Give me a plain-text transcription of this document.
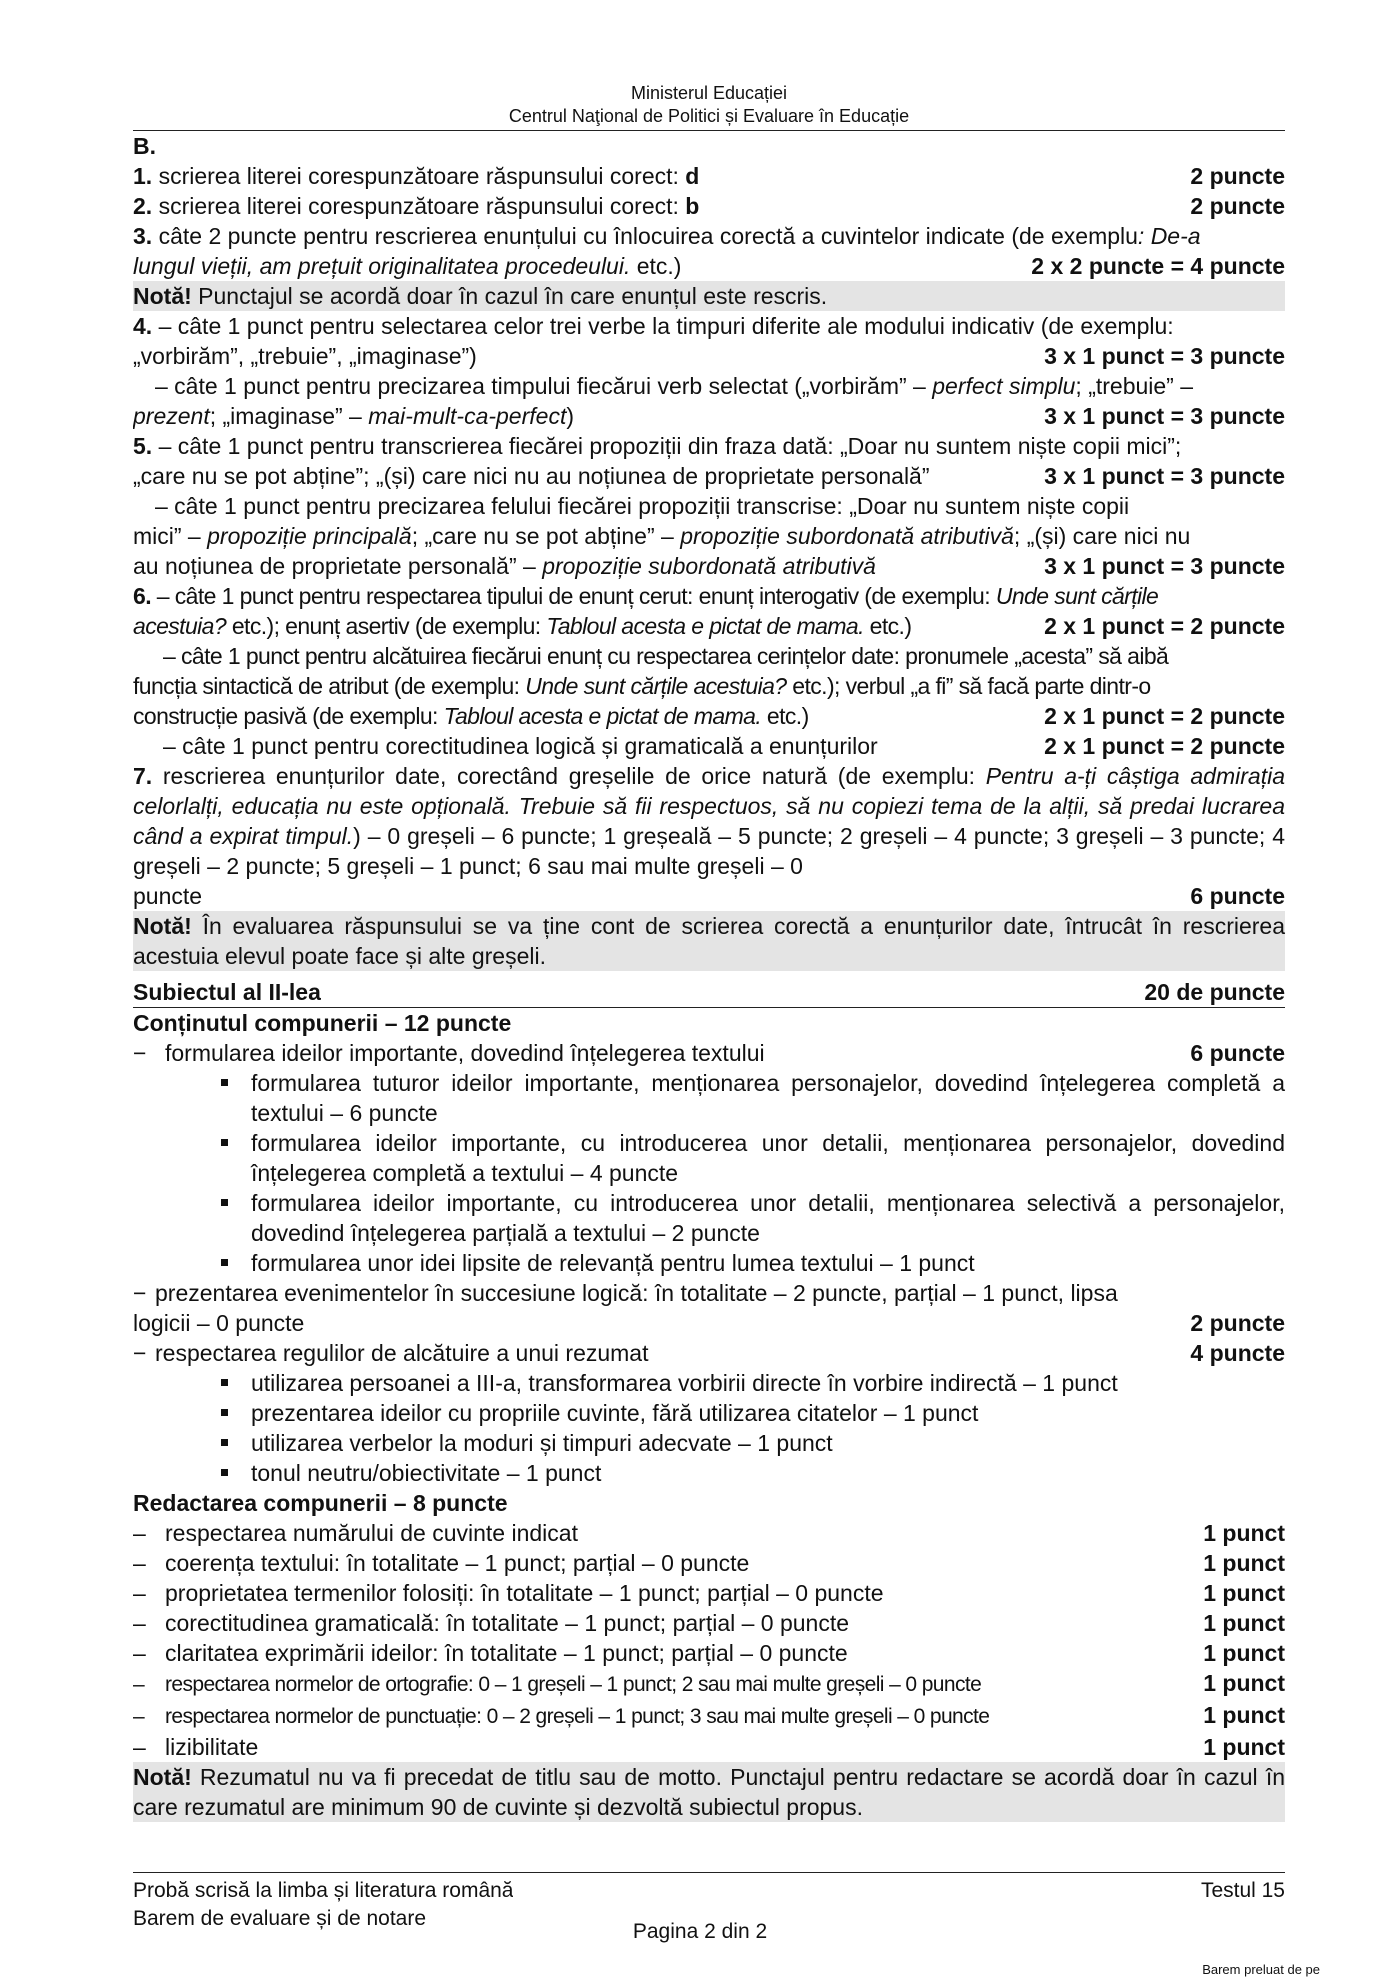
Ministerul Educației
Centrul Naţional de Politici și Evaluare în Educație
B.
1. scrierea literei corespunzătoare răspunsului corect: d	2 puncte
2. scrierea literei corespunzătoare răspunsului corect: b	2 puncte
3. câte 2 puncte pentru rescrierea enunțului cu înlocuirea corectă a cuvintelor indicate (de exemplu: De-a
lungul vieții, am prețuit originalitatea procedeului. etc.)	2 x 2 puncte = 4 puncte
Notă! Punctajul se acordă doar în cazul în care enunțul este rescris.
4. – câte 1 punct pentru selectarea celor trei verbe la timpuri diferite ale modului indicativ (de exemplu:
„vorbirăm”, „trebuie”, „imaginase”)	3 x 1 punct = 3 puncte
– câte 1 punct pentru precizarea timpului fiecărui verb selectat („vorbirăm” – perfect simplu; „trebuie” –
prezent; „imaginase” – mai-mult-ca-perfect)	3 x 1 punct = 3 puncte
5. – câte 1 punct pentru transcrierea fiecărei propoziții din fraza dată: „Doar nu suntem niște copii mici”;
„care nu se pot abține”; „(și) care nici nu au noțiunea de proprietate personală”	3 x 1 punct = 3 puncte
– câte 1 punct pentru precizarea felului fiecărei propoziții transcrise: „Doar nu suntem niște copii
mici” – propoziție principală; „care nu se pot abține” – propoziție subordonată atributivă; „(și) care nici nu
au noțiunea de proprietate personală” – propoziție subordonată atributivă	3 x 1 punct = 3 puncte
6. – câte 1 punct pentru respectarea tipului de enunț cerut: enunț interogativ (de exemplu: Unde sunt cărțile
acestuia? etc.); enunț asertiv (de exemplu: Tabloul acesta e pictat de mama. etc.)	2 x 1 punct = 2 puncte
– câte 1 punct pentru alcătuirea fiecărui enunț cu respectarea cerințelor date: pronumele „acesta” să aibă
funcția sintactică de atribut (de exemplu: Unde sunt cărțile acestuia? etc.); verbul „a fi” să facă parte dintr-o
construcție pasivă (de exemplu: Tabloul acesta e pictat de mama. etc.)	2 x 1 punct = 2 puncte
– câte 1 punct pentru corectitudinea logică și gramaticală a enunțurilor	2 x 1 punct = 2 puncte
7. rescrierea enunțurilor date, corectând greșelile de orice natură (de exemplu: Pentru a-ți câștiga admirația celorlalți, educația nu este opțională. Trebuie să fii respectuos, să nu copiezi tema de la alții, să predai lucrarea când a expirat timpul.) – 0 greșeli – 6 puncte; 1 greșeală – 5 puncte; 2 greșeli – 4 puncte; 3 greșeli – 3 puncte; 4 greșeli – 2 puncte; 5 greșeli – 1 punct; 6 sau mai multe greșeli – 0
puncte	6 puncte
Notă! În evaluarea răspunsului se va ține cont de scrierea corectă a enunțurilor date, întrucât în rescrierea acestuia elevul poate face și alte greșeli.
Subiectul al II-lea	20 de puncte
Conținutul compunerii – 12 puncte
− formularea ideilor importante, dovedind înțelegerea textului	6 puncte
formularea tuturor ideilor importante, menționarea personajelor, dovedind înțelegerea completă a textului – 6 puncte
formularea ideilor importante, cu introducerea unor detalii, menționarea personajelor, dovedind înțelegerea completă a textului – 4 puncte
formularea ideilor importante, cu introducerea unor detalii, menționarea selectivă a personajelor, dovedind înțelegerea parțială a textului – 2 puncte
formularea unor idei lipsite de relevanță pentru lumea textului – 1 punct
− prezentarea evenimentelor în succesiune logică: în totalitate – 2 puncte, parțial – 1 punct, lipsa
logicii – 0 puncte	2 puncte
− respectarea regulilor de alcătuire a unui rezumat	4 puncte
utilizarea persoanei a III-a, transformarea vorbirii directe în vorbire indirectă – 1 punct
prezentarea ideilor cu propriile cuvinte, fără utilizarea citatelor – 1 punct
utilizarea verbelor la moduri și timpuri adecvate – 1 punct
tonul neutru/obiectivitate – 1 punct
Redactarea compunerii – 8 puncte
– respectarea numărului de cuvinte indicat	1 punct
– coerența textului: în totalitate – 1 punct; parțial – 0 puncte	1 punct
– proprietatea termenilor folosiți: în totalitate – 1 punct; parțial – 0 puncte	1 punct
– corectitudinea gramaticală: în totalitate – 1 punct; parțial – 0 puncte	1 punct
– claritatea exprimării ideilor: în totalitate – 1 punct; parțial – 0 puncte	1 punct
– respectarea normelor de ortografie: 0 – 1 greșeli – 1 punct; 2 sau mai multe greșeli – 0 puncte	1 punct
– respectarea normelor de punctuație: 0 – 2 greșeli – 1 punct; 3 sau mai multe greșeli – 0 puncte	1 punct
– lizibilitate	1 punct
Notă! Rezumatul nu va fi precedat de titlu sau de motto. Punctajul pentru redactare se acordă doar în cazul în care rezumatul are minimum 90 de cuvinte și dezvoltă subiectul propus.
Probă scrisă la limba și literatura română	Testul 15
Barem de evaluare și de notare
Pagina 2 din 2
Barem preluat de pe
